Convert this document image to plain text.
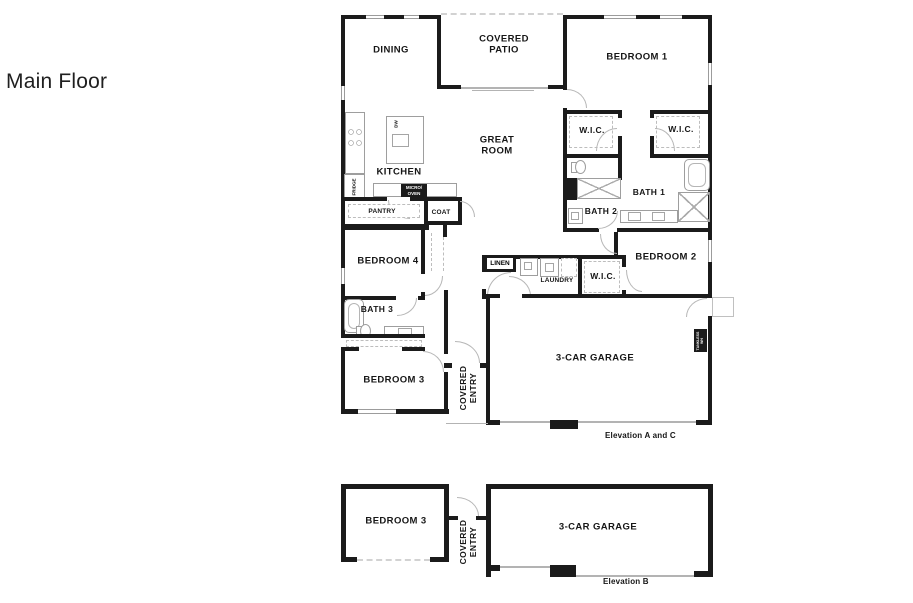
Main Floor
LINEN
TANKLESS WH
FRIDGE
DW
MICRO/ OVEN
DINING
COVERED PATIO
BEDROOM 1
GREAT ROOM
KITCHEN
W.I.C.	W.I.C.
BATH 1
BATH 2
PANTRY	COAT
BEDROOM 4
LAUNDRY W.I.C.
BEDROOM 2
BATH 3
BEDROOM 3	COVERED ENTRY
3-CAR GARAGE
Elevation A and C
BEDROOM 3	COVERED ENTRY	3-CAR GARAGE
Elevation B
